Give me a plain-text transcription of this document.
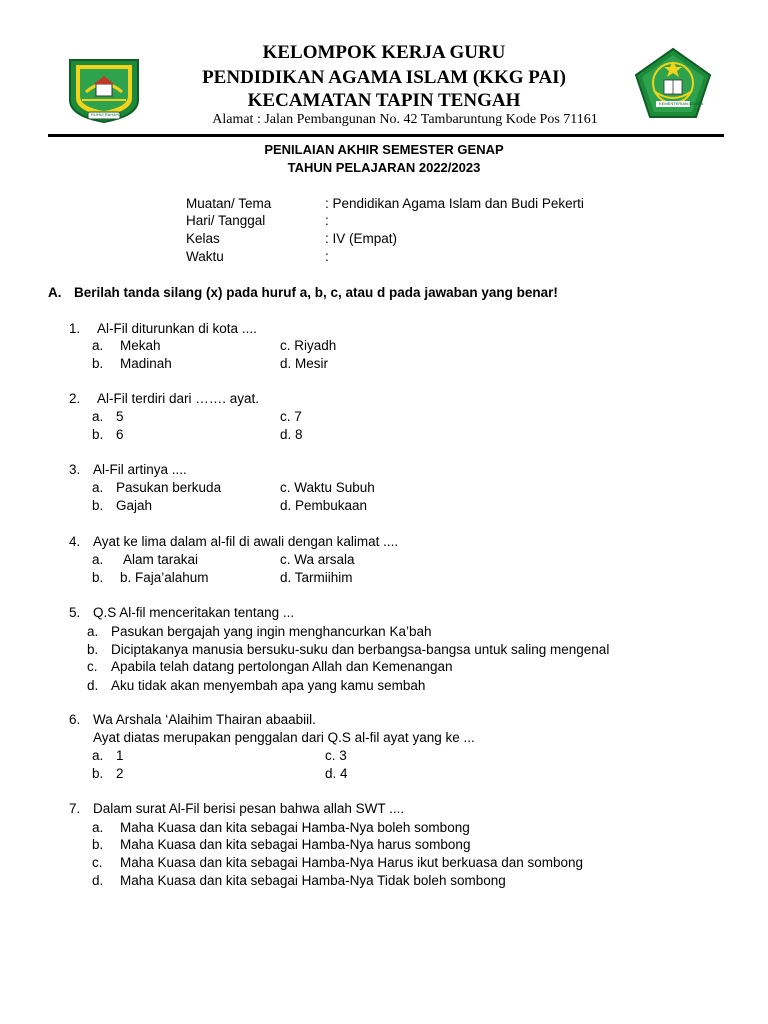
RUHUI RAHAYU
KEMENTERIAN AGAMA
KELOMPOK KERJA GURU
PENDIDIKAN AGAMA ISLAM (KKG PAI)
KECAMATAN TAPIN TENGAH
Alamat : Jalan Pembangunan No. 42 Tambaruntung Kode Pos 71161
PENILAIAN AKHIR SEMESTER GENAP
TAHUN PELAJARAN 2022/2023
Muatan/ Tema	: Pendidikan Agama Islam dan Budi Pekerti
Hari/ Tanggal	:
Kelas	: IV (Empat)
Waktu	:
A. Berilah tanda silang (x) pada huruf a, b, c, atau d pada jawaban yang benar!
1. Al-Fil diturunkan di kota ....
a. Mekah	c. Riyadh
b. Madinah	d. Mesir
2. Al-Fil terdiri dari ……. ayat.
a. 5	c. 7
b. 6	d. 8
3. Al-Fil artinya ....
a. Pasukan berkuda	c. Waktu Subuh
b. Gajah	d. Pembukaan
4. Ayat ke lima dalam al-fil di awali dengan kalimat ....
a. Alam tarakai	c. Wa arsala
b. b. Faja’alahum	d. Tarmiihim
5. Q.S Al-fil menceritakan tentang ...
a. Pasukan bergajah yang ingin menghancurkan Ka’bah
b. Diciptakanya manusia bersuku-suku dan berbangsa-bangsa untuk saling mengenal
c. Apabila telah datang pertolongan Allah dan Kemenangan
d. Aku tidak akan menyembah apa yang kamu sembah
6. Wa Arshala ‘Alaihim Thairan abaabiil.
Ayat diatas merupakan penggalan dari Q.S al-fil ayat yang ke ...
a. 1	c. 3
b. 2	d. 4
7. Dalam surat Al-Fil berisi pesan bahwa allah SWT ....
a. Maha Kuasa dan kita sebagai Hamba-Nya boleh sombong
b. Maha Kuasa dan kita sebagai Hamba-Nya harus sombong
c. Maha Kuasa dan kita sebagai Hamba-Nya Harus ikut berkuasa dan sombong
d. Maha Kuasa dan kita sebagai Hamba-Nya Tidak boleh sombong
